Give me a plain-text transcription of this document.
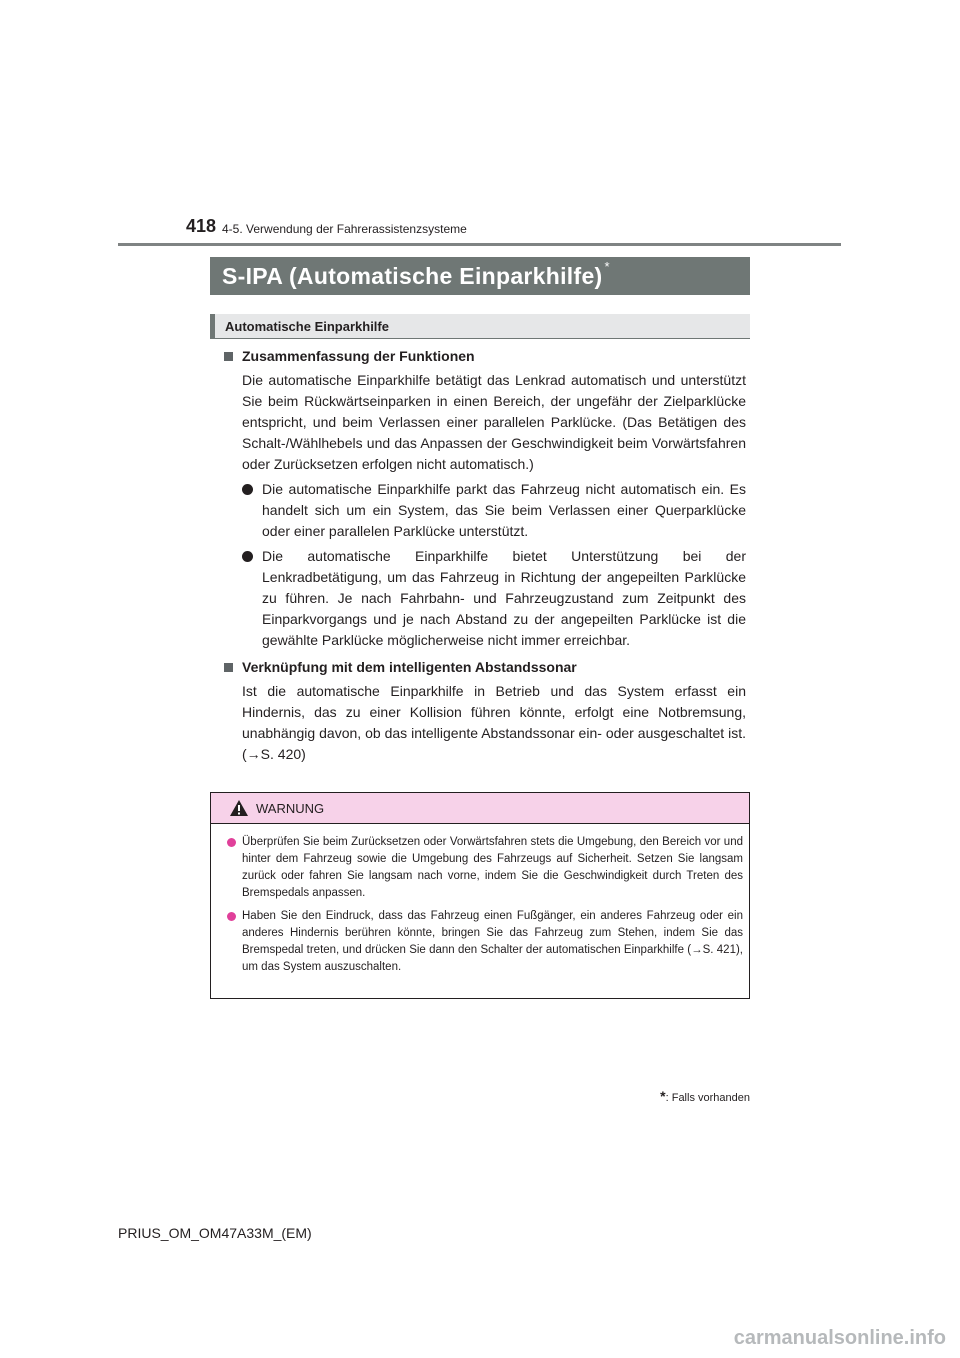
418 4-5. Verwendung der Fahrerassistenzsysteme
S-IPA (Automatische Einparkhilfe) *
Automatische Einparkhilfe
Zusammenfassung der Funktionen
Die automatische Einparkhilfe betätigt das Lenkrad automatisch und unterstützt Sie beim Rückwärtseinparken in einen Bereich, der ungefähr der Zielparklücke entspricht, und beim Verlassen einer parallelen Parklücke. (Das Betätigen des Schalt-/Wählhebels und das Anpassen der Geschwindigkeit beim Vorwärtsfahren oder Zurücksetzen erfolgen nicht automatisch.)
Die automatische Einparkhilfe parkt das Fahrzeug nicht automatisch ein. Es handelt sich um ein System, das Sie beim Verlassen einer Querparklücke oder einer parallelen Parklücke unterstützt.
Die automatische Einparkhilfe bietet Unterstützung bei der Lenkradbetätigung, um das Fahrzeug in Richtung der angepeilten Parklücke zu führen. Je nach Fahrbahn- und Fahrzeugzustand zum Zeitpunkt des Einparkvorgangs und je nach Abstand zu der angepeilten Parklücke ist die gewählte Parklücke möglicherweise nicht immer erreichbar.
Verknüpfung mit dem intelligenten Abstandssonar
Ist die automatische Einparkhilfe in Betrieb und das System erfasst ein Hindernis, das zu einer Kollision führen könnte, erfolgt eine Notbremsung, unabhängig davon, ob das intelligente Abstandssonar ein- oder ausgeschaltet ist. (→S. 420)
WARNUNG
Überprüfen Sie beim Zurücksetzen oder Vorwärtsfahren stets die Umgebung, den Bereich vor und hinter dem Fahrzeug sowie die Umgebung des Fahrzeugs auf Sicherheit. Setzen Sie langsam zurück oder fahren Sie langsam nach vorne, indem Sie die Geschwindigkeit durch Treten des Bremspedals anpassen.
Haben Sie den Eindruck, dass das Fahrzeug einen Fußgänger, ein anderes Fahrzeug oder ein anderes Hindernis berühren könnte, bringen Sie das Fahrzeug zum Stehen, indem Sie das Bremspedal treten, und drücken Sie dann den Schalter der automatischen Einparkhilfe (→S. 421), um das System auszuschalten.
*: Falls vorhanden
PRIUS_OM_OM47A33M_(EM)
carmanualsonline.info
